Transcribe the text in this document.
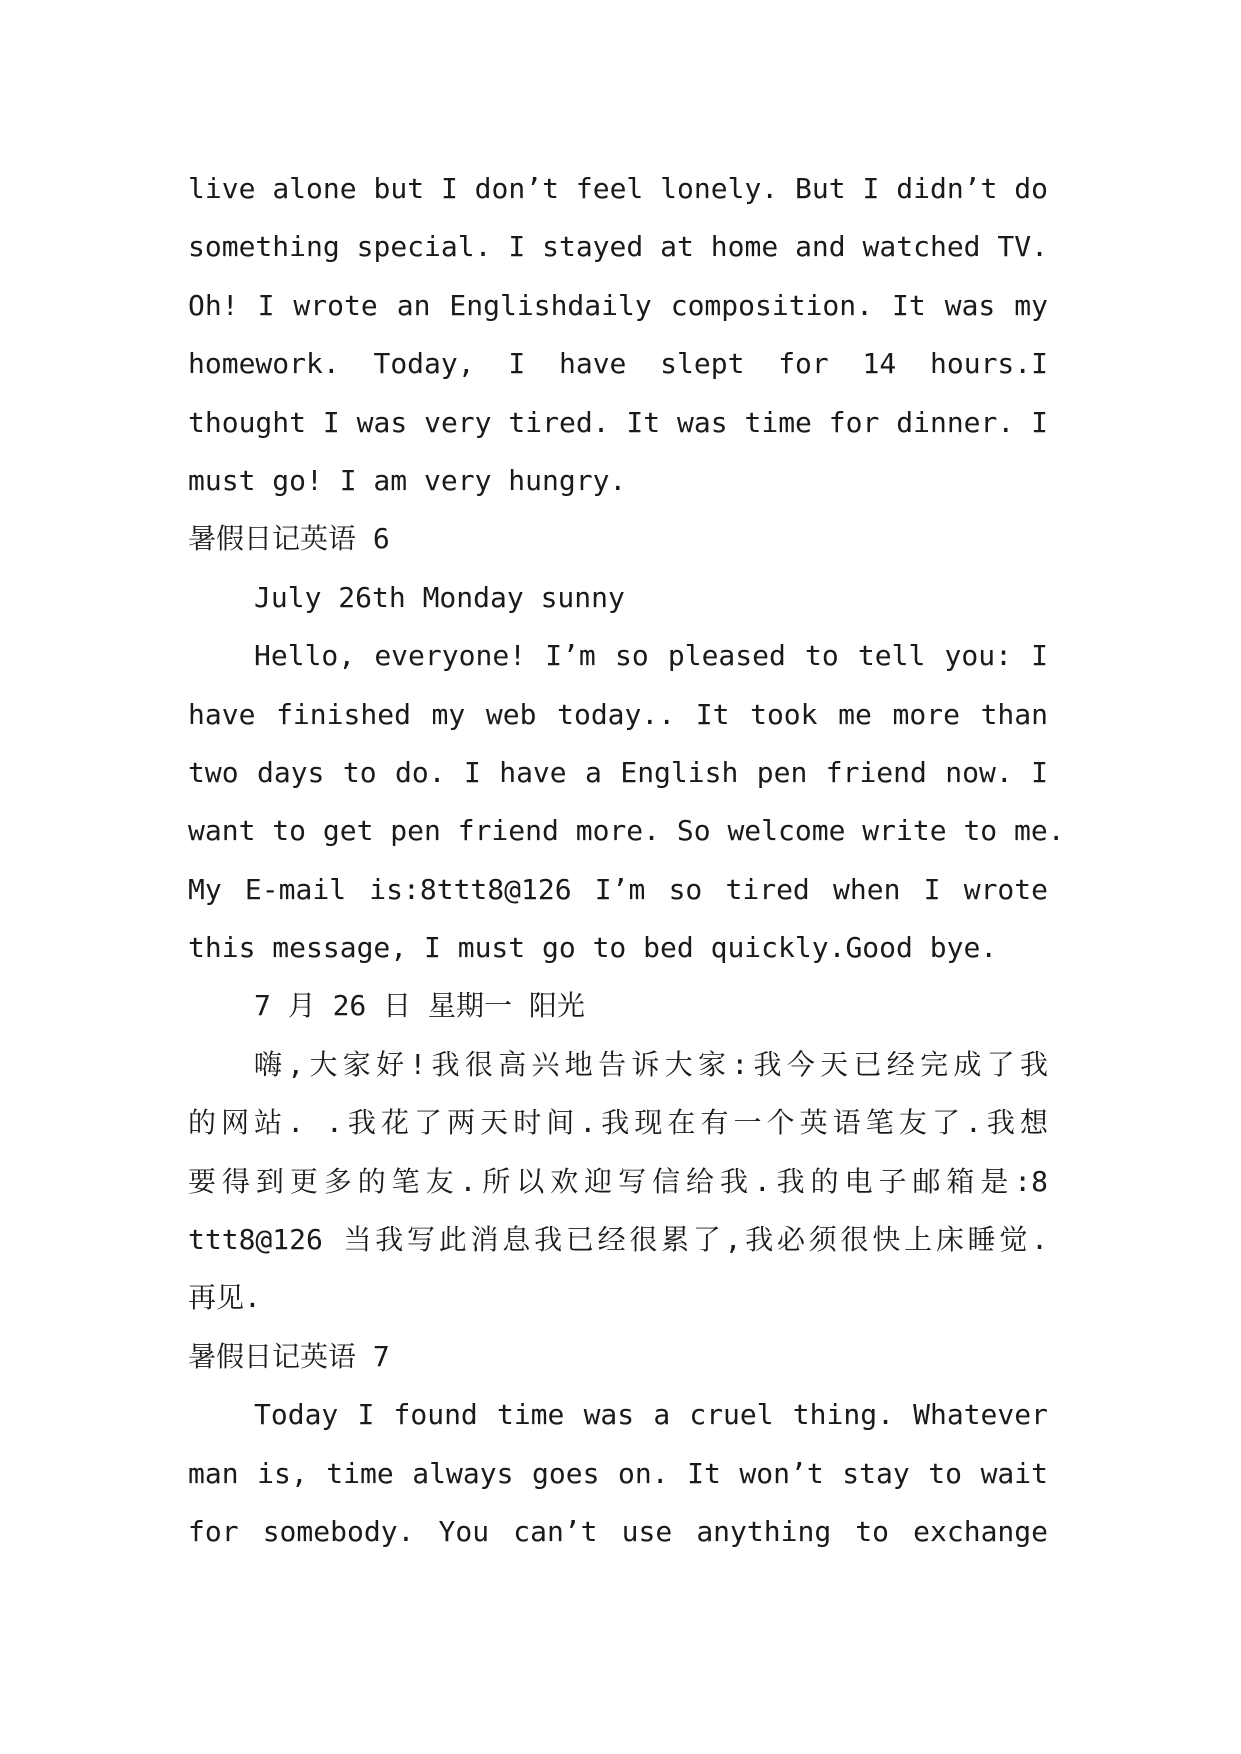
live alone but I don’t feel lonely. But I didn’t do
something special. I stayed at home and watched TV.
Oh! I wrote an Englishdaily composition. It was my
homework. Today, I have slept for 14 hours.I
thought I was very tired. It was time for dinner. I
must go! I am very hungry.
暑假日记英语 6
July 26th Monday sunny
Hello, everyone! I’m so pleased to tell you: I
have finished my web today.. It took me more than
two days to do. I have a English pen friend now. I
want to get pen friend more. So welcome write to me.
My E-mail is:8ttt8@126 I’m so tired when I wrote
this message, I must go to bed quickly.Good bye.
7 月 26 日 星期一 阳光
嗨,大家好!我很高兴地告诉大家:我今天已经完成了我
的网站. .我花了两天时间.我现在有一个英语笔友了.我想
要得到更多的笔友.所以欢迎写信给我.我的电子邮箱是:8
ttt8@126 当我写此消息我已经很累了,我必须很快上床睡觉.
再见.
暑假日记英语 7
Today I found time was a cruel thing. Whatever
man is, time always goes on. It won’t stay to wait
for somebody. You can’t use anything to exchange
